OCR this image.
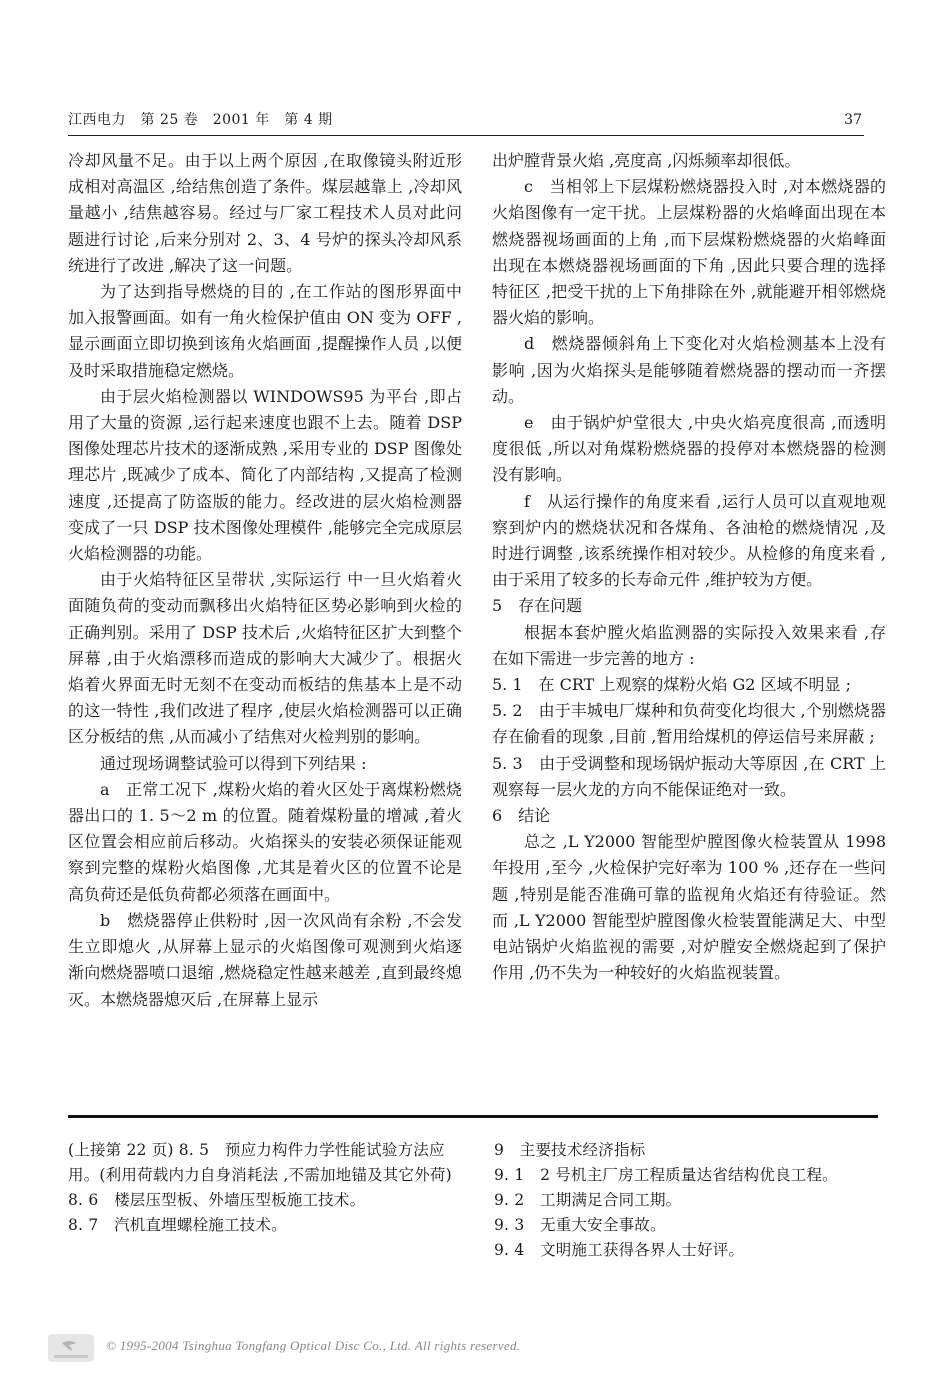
江西电力　第 25 卷　2001 年　第 4 期	37

冷却风量不足。由于以上两个原因 ,在取像镜头附近形成相对高温区 ,给结焦创造了条件。煤层越靠上 ,冷却风量越小 ,结焦越容易。经过与厂家工程技术人员对此问题进行讨论 ,后来分别对 2、3、4 号炉的探头冷却风系统进行了改进 ,解决了这一问题。

为了达到指导燃烧的目的 ,在工作站的图形界面中加入报警画面。如有一角火检保护值由 ON 变为 OFF ,显示画面立即切换到该角火焰画面 ,提醒操作人员 ,以便及时采取措施稳定燃烧。

由于层火焰检测器以 WINDOWS95 为平台 ,即占用了大量的资源 ,运行起来速度也跟不上去。随着 DSP 图像处理芯片技术的逐渐成熟 ,采用专业的 DSP 图像处理芯片 ,既减少了成本、简化了内部结构 ,又提高了检测速度 ,还提高了防盗版的能力。经改进的层火焰检测器变成了一只 DSP 技术图像处理模件 ,能够完全完成原层火焰检测器的功能。

由于火焰特征区呈带状 ,实际运行 中一旦火焰着火面随负荷的变动而飘移出火焰特征区势必影响到火检的正确判别。采用了 DSP 技术后 ,火焰特征区扩大到整个屏幕 ,由于火焰漂移而造成的影响大大减少了。根据火焰着火界面无时无刻不在变动而板结的焦基本上是不动的这一特性 ,我们改进了程序 ,使层火焰检测器可以正确区分板结的焦 ,从而减小了结焦对火检判别的影响。

通过现场调整试验可以得到下列结果 :

a　正常工况下 ,煤粉火焰的着火区处于离煤粉燃烧器出口的 1. 5～2 m 的位置。随着煤粉量的增减 ,着火区位置会相应前后移动。火焰探头的安装必须保证能观察到完整的煤粉火焰图像 ,尤其是着火区的位置不论是高负荷还是低负荷都必须落在画面中。

b　燃烧器停止供粉时 ,因一次风尚有余粉 ,不会发生立即熄火 ,从屏幕上显示的火焰图像可观测到火焰逐渐向燃烧器喷口退缩 ,燃烧稳定性越来越差 ,直到最终熄灭。本燃烧器熄灭后 ,在屏幕上显示

出炉膛背景火焰 ,亮度高 ,闪烁频率却很低。

c　当相邻上下层煤粉燃烧器投入时 ,对本燃烧器的火焰图像有一定干扰。上层煤粉器的火焰峰面出现在本燃烧器视场画面的上角 ,而下层煤粉燃烧器的火焰峰面出现在本燃烧器视场画面的下角 ,因此只要合理的选择特征区 ,把受干扰的上下角排除在外 ,就能避开相邻燃烧器火焰的影响。

d　燃烧器倾斜角上下变化对火焰检测基本上没有影响 ,因为火焰探头是能够随着燃烧器的摆动而一齐摆动。

e　由于锅炉炉堂很大 ,中央火焰亮度很高 ,而透明度很低 ,所以对角煤粉燃烧器的投停对本燃烧器的检测没有影响。

f　从运行操作的角度来看 ,运行人员可以直观地观察到炉内的燃烧状况和各煤角、各油枪的燃烧情况 ,及时进行调整 ,该系统操作相对较少。从检修的角度来看 ,由于采用了较多的长寿命元件 ,维护较为方便。

5　存在问题

根据本套炉膛火焰监测器的实际投入效果来看 ,存在如下需进一步完善的地方 :

5. 1　在 CRT 上观察的煤粉火焰 G2 区域不明显 ;

5. 2　由于丰城电厂煤种和负荷变化均很大 ,个别燃烧器存在偷看的现象 ,目前 ,暂用给煤机的停运信号来屏蔽 ;

5. 3　由于受调整和现场锅炉振动大等原因 ,在 CRT 上观察每一层火龙的方向不能保证绝对一致。

6　结论

总之 ,L Y2000 智能型炉膛图像火检装置从 1998 年投用 ,至今 ,火检保护完好率为 100 % ,还存在一些问题 ,特别是能否准确可靠的监视角火焰还有待验证。然而 ,L Y2000 智能型炉膛图像火检装置能满足大、中型电站锅炉火焰监视的需要 ,对炉膛安全燃烧起到了保护作用 ,仍不失为一种较好的火焰监视装置。

(上接第 22 页) 8. 5　预应力构件力学性能试验方法应用。(利用荷载内力自身消耗法 ,不需加地锚及其它外荷)

8. 6　楼层压型板、外墙压型板施工技术。

8. 7　汽机直埋螺栓施工技术。

9　主要技术经济指标

9. 1　2 号机主厂房工程质量达省结构优良工程。

9. 2　工期满足合同工期。

9. 3　无重大安全事故。

9. 4　文明施工获得各界人士好评。

© 1995-2004 Tsinghua Tongfang Optical Disc Co., Ltd. All rights reserved.
